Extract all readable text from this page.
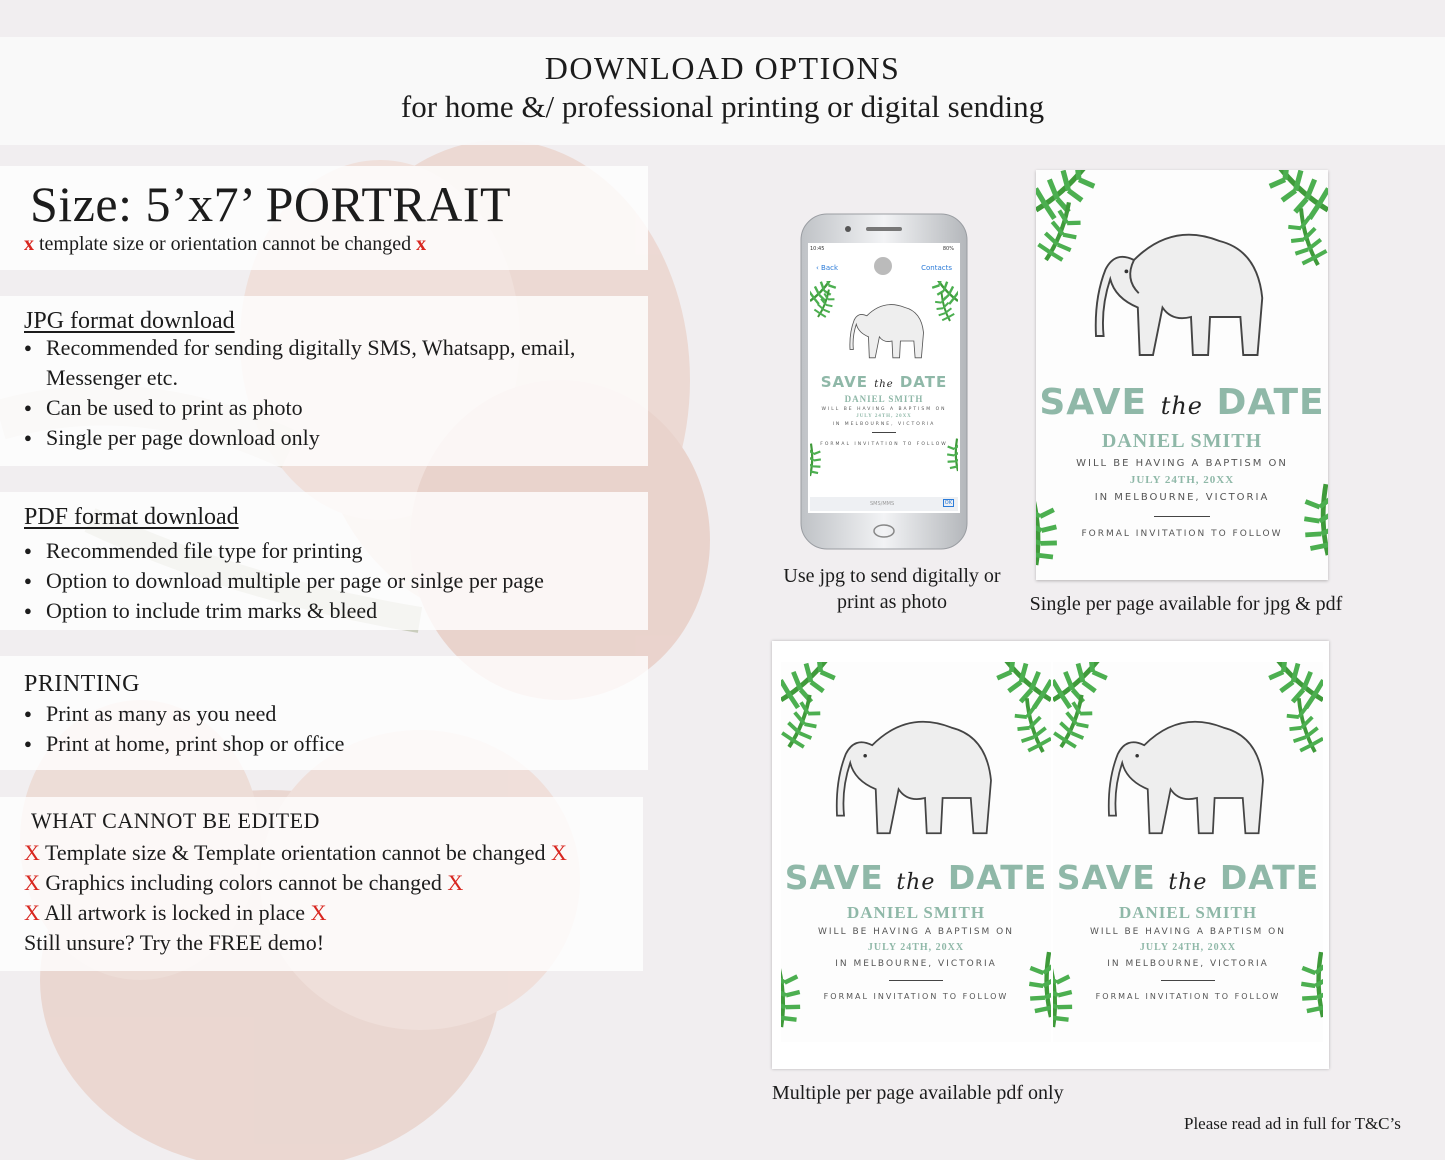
DOWNLOAD OPTIONS
for home &/ professional printing or digital sending
Size: 5’x7’ PORTRAIT
x template size or orientation cannot be changed x
JPG format download
● Recommended for sending digitally SMS, Whatsapp, email,
Messenger etc.
● Can be used to print as photo
● Single per page download only
PDF format download
● Recommended file type for printing
● Option to download multiple per page or sinlge per page
● Option to include trim marks & bleed
PRINTING
● Print as many as you need
● Print at home, print shop or office
WHAT CANNOT BE EDITED
X Template size & Template orientation cannot be changed X
X Graphics including colors cannot be changed X
X All artwork is locked in place X
Still unsure? Try the FREE demo!
10:45	80%
‹ Back	Contacts
SAVE the DATE
DANIEL SMITH
WILL BE HAVING A BAPTISM ON
JULY 24TH, 20XX
IN MELBOURNE, VICTORIA
FORMAL INVITATION TO FOLLOW
SMS/MMS	OK
Use jpg to send digitally or print as photo
SAVE the DATE
DANIEL SMITH
WILL BE HAVING A BAPTISM ON
JULY 24TH, 20XX
IN MELBOURNE, VICTORIA
FORMAL INVITATION TO FOLLOW
Single per page available for jpg & pdf
SAVE the DATE
DANIEL SMITH
WILL BE HAVING A BAPTISM ON
JULY 24TH, 20XX
IN MELBOURNE, VICTORIA
FORMAL INVITATION TO FOLLOW
SAVE the DATE
DANIEL SMITH
WILL BE HAVING A BAPTISM ON
JULY 24TH, 20XX
IN MELBOURNE, VICTORIA
FORMAL INVITATION TO FOLLOW
Multiple per page available pdf only
Please read ad in full for T&C’s
